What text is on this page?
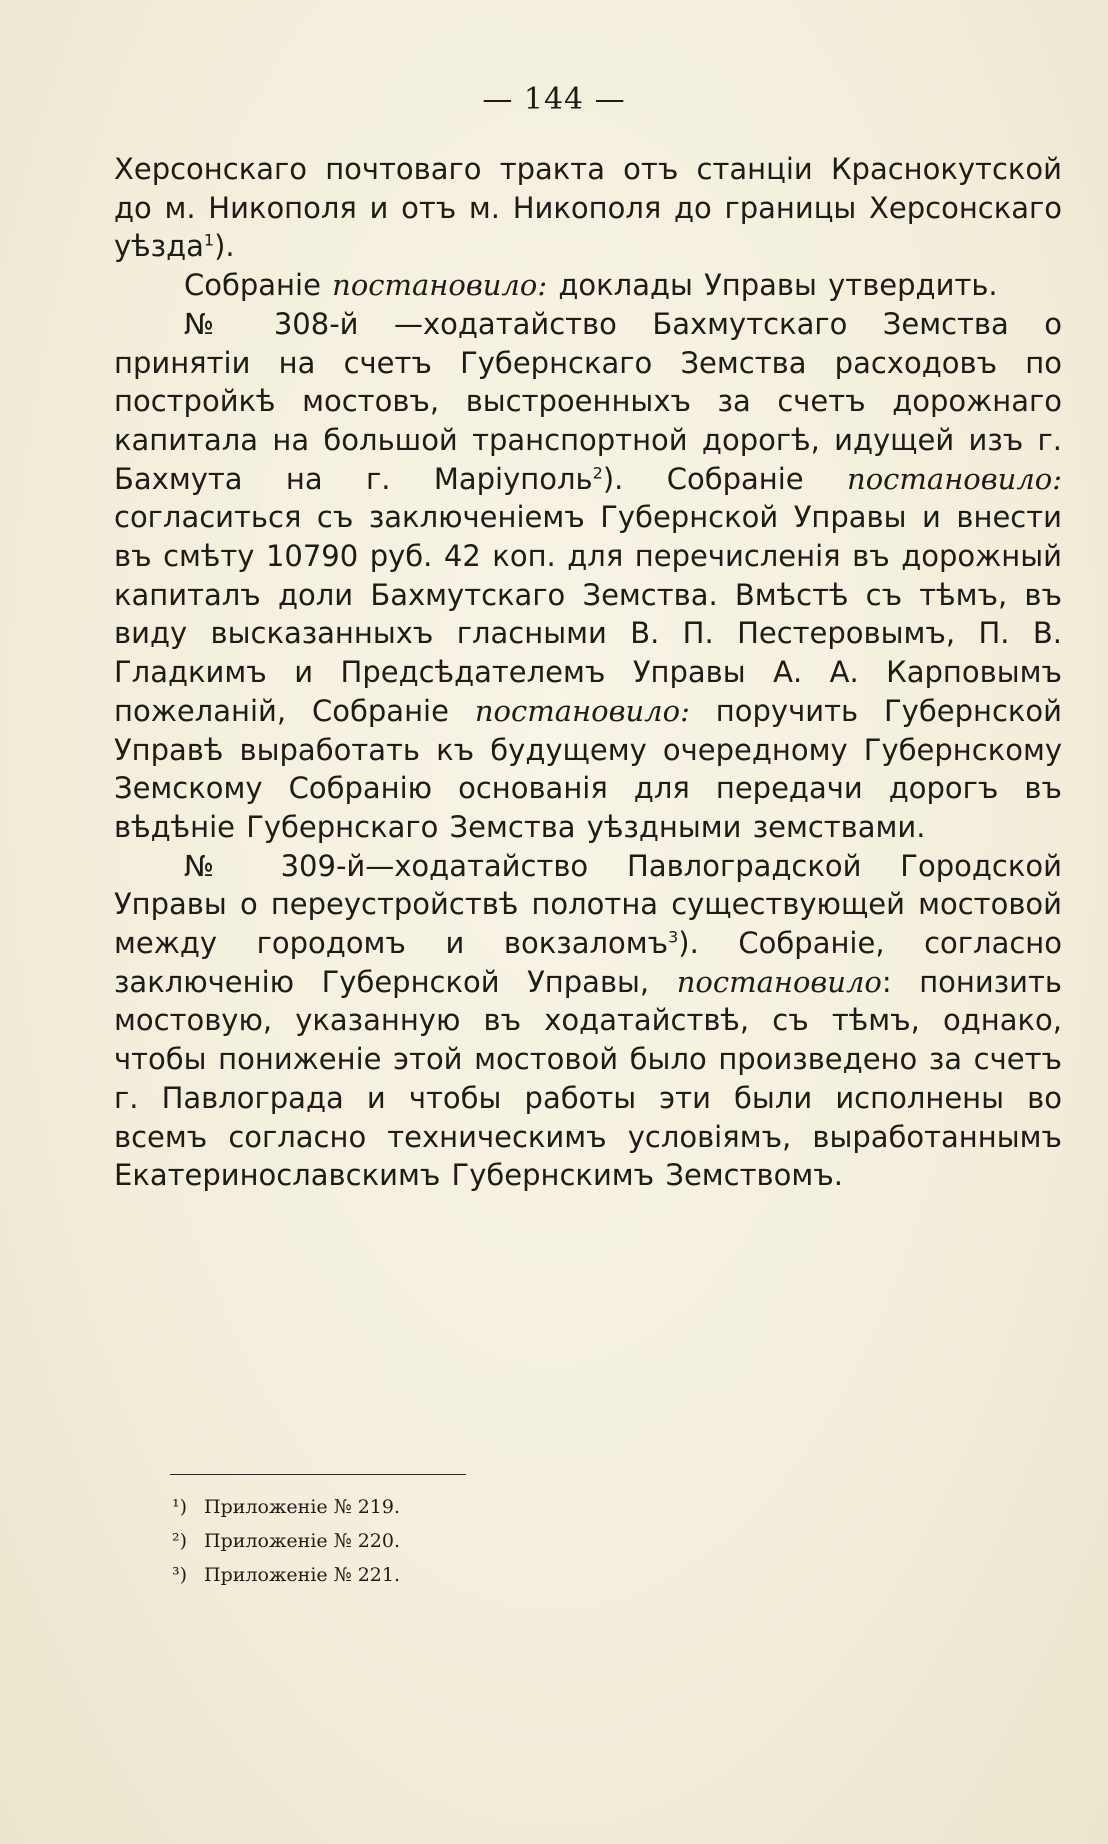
— 144 —

Херсонскаго почтоваго тракта отъ станціи Краснокутской до м. Никополя и отъ м. Никополя до границы Херсонскаго уѣзда$^1$).

Собраніе постановило: доклады Управы утвердить.

№ 308-й —ходатайство Бахмутскаго Земства о принятіи на счетъ Губернскаго Земства расходовъ по постройкѣ мостовъ, выстроенныхъ за счетъ дорожнаго капитала на большой транспортной дорогѣ, идущей изъ г. Бахмута на г. Маріуполь$^2$). Собраніе постановило: согласиться съ заключеніемъ Губернской Управы и внести въ смѣту 10790 руб. 42 коп. для перечисленія въ дорожный капиталъ доли Бахмутскаго Земства. Вмѣстѣ съ тѣмъ, въ виду высказанныхъ гласными В. П. Пестеровымъ, П. В. Гладкимъ и Предсѣдателемъ Управы А. А. Карповымъ пожеланій, Собраніе постановило: поручить Губернской Управѣ выработать къ будущему очередному Губернскому Земскому Собранію основанія для передачи дорогъ въ вѣдѣніе Губернскаго Земства уѣздными земствами.

№ 309-й—ходатайство Павлоградской Городской Управы о переустройствѣ полотна существующей мостовой между городомъ и вокзаломъ$^3$). Собраніе, согласно заключенію Губернской Управы, постановило: понизить мостовую, указанную въ ходатайствѣ, съ тѣмъ, однако, чтобы пониженіе этой мостовой было произведено за счетъ г. Павлограда и чтобы работы эти были исполнены во всемъ согласно техническимъ условіямъ, выработаннымъ Екатеринославскимъ Губернскимъ Земствомъ.

¹) Приложеніе № 219.
²) Приложеніе № 220.
³) Приложеніе № 221.
